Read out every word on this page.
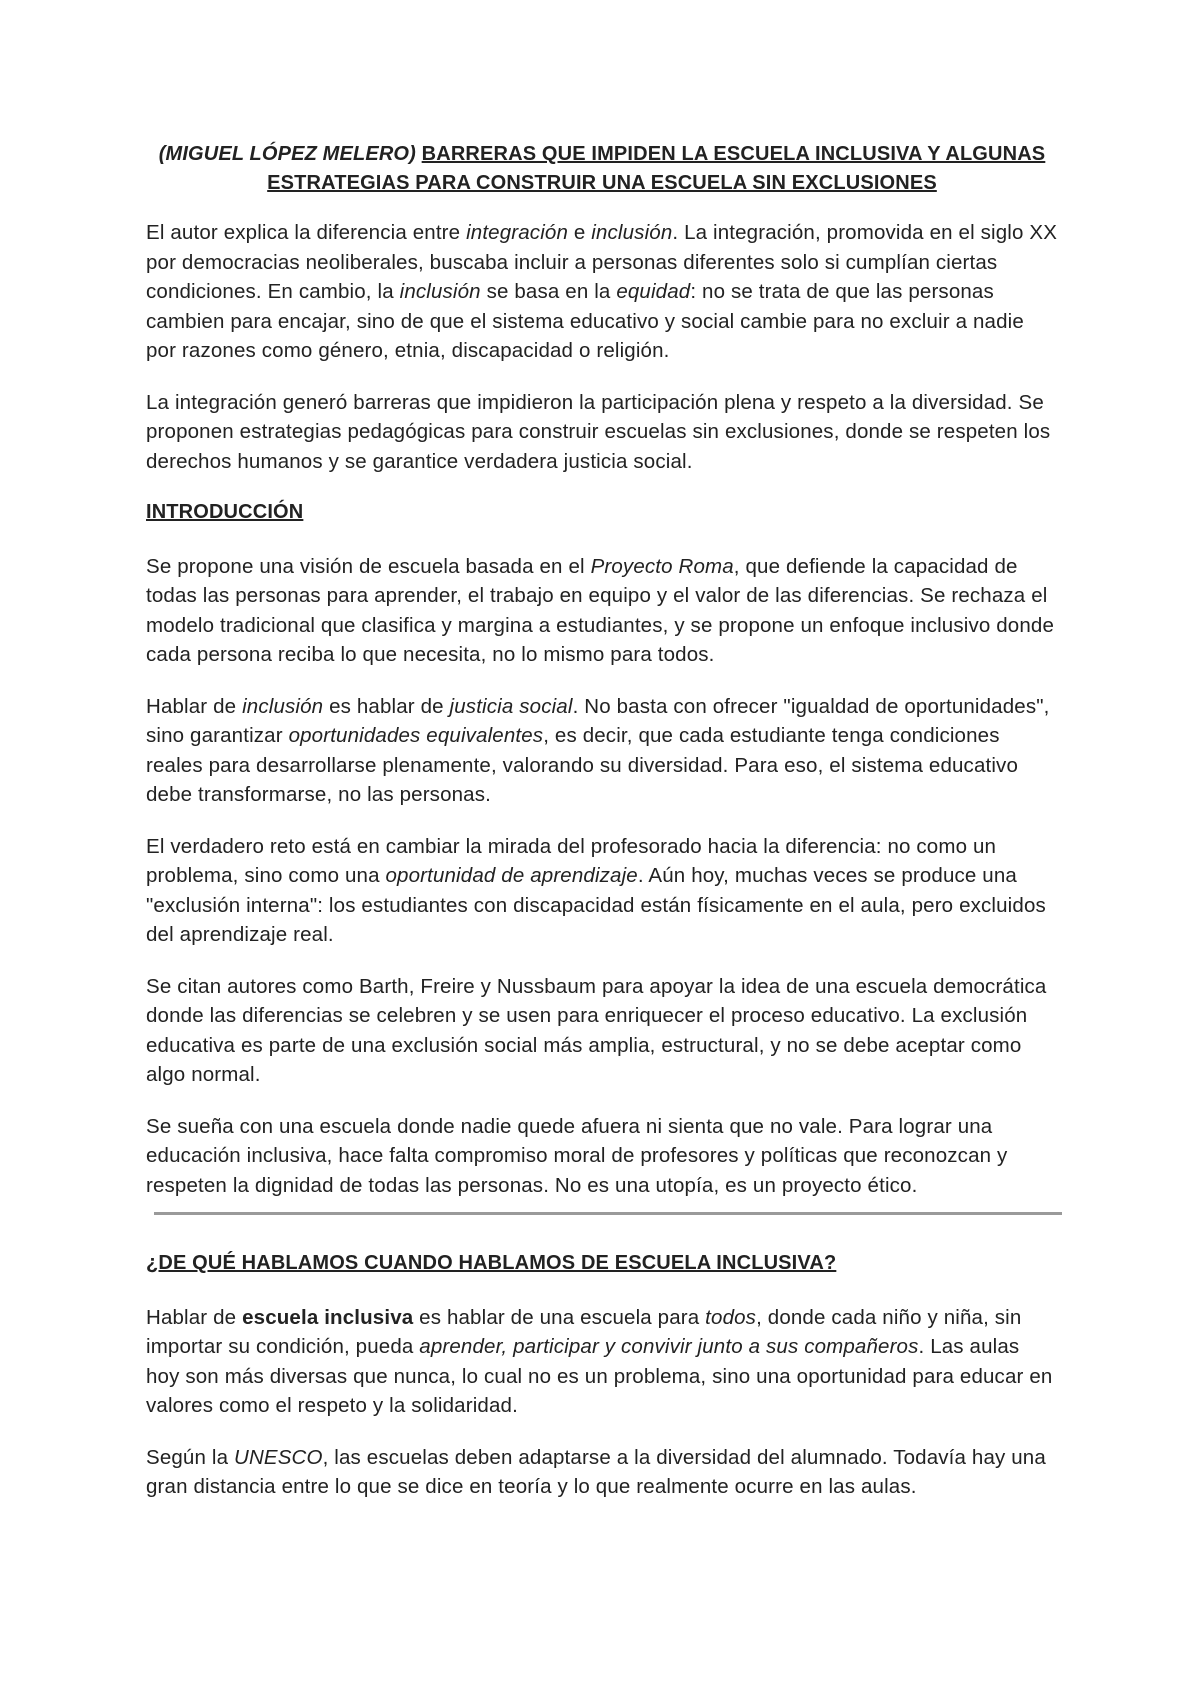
(MIGUEL LÓPEZ MELERO) BARRERAS QUE IMPIDEN LA ESCUELA INCLUSIVA Y ALGUNAS ESTRATEGIAS PARA CONSTRUIR UNA ESCUELA SIN EXCLUSIONES

El autor explica la diferencia entre integración e inclusión. La integración, promovida en el siglo XX por democracias neoliberales, buscaba incluir a personas diferentes solo si cumplían ciertas condiciones. En cambio, la inclusión se basa en la equidad: no se trata de que las personas cambien para encajar, sino de que el sistema educativo y social cambie para no excluir a nadie por razones como género, etnia, discapacidad o religión.

La integración generó barreras que impidieron la participación plena y respeto a la diversidad. Se proponen estrategias pedagógicas para construir escuelas sin exclusiones, donde se respeten los derechos humanos y se garantice verdadera justicia social.

INTRODUCCIÓN

Se propone una visión de escuela basada en el Proyecto Roma, que defiende la capacidad de todas las personas para aprender, el trabajo en equipo y el valor de las diferencias. Se rechaza el modelo tradicional que clasifica y margina a estudiantes, y se propone un enfoque inclusivo donde cada persona reciba lo que necesita, no lo mismo para todos.

Hablar de inclusión es hablar de justicia social. No basta con ofrecer "igualdad de oportunidades", sino garantizar oportunidades equivalentes, es decir, que cada estudiante tenga condiciones reales para desarrollarse plenamente, valorando su diversidad. Para eso, el sistema educativo debe transformarse, no las personas.

El verdadero reto está en cambiar la mirada del profesorado hacia la diferencia: no como un problema, sino como una oportunidad de aprendizaje. Aún hoy, muchas veces se produce una "exclusión interna": los estudiantes con discapacidad están físicamente en el aula, pero excluidos del aprendizaje real.

Se citan autores como Barth, Freire y Nussbaum para apoyar la idea de una escuela democrática donde las diferencias se celebren y se usen para enriquecer el proceso educativo. La exclusión educativa es parte de una exclusión social más amplia, estructural, y no se debe aceptar como algo normal.

Se sueña con una escuela donde nadie quede afuera ni sienta que no vale. Para lograr una educación inclusiva, hace falta compromiso moral de profesores y políticas que reconozcan y respeten la dignidad de todas las personas. No es una utopía, es un proyecto ético.

¿DE QUÉ HABLAMOS CUANDO HABLAMOS DE ESCUELA INCLUSIVA?

Hablar de escuela inclusiva es hablar de una escuela para todos, donde cada niño y niña, sin importar su condición, pueda aprender, participar y convivir junto a sus compañeros. Las aulas hoy son más diversas que nunca, lo cual no es un problema, sino una oportunidad para educar en valores como el respeto y la solidaridad.

Según la UNESCO, las escuelas deben adaptarse a la diversidad del alumnado. Todavía hay una gran distancia entre lo que se dice en teoría y lo que realmente ocurre en las aulas.
